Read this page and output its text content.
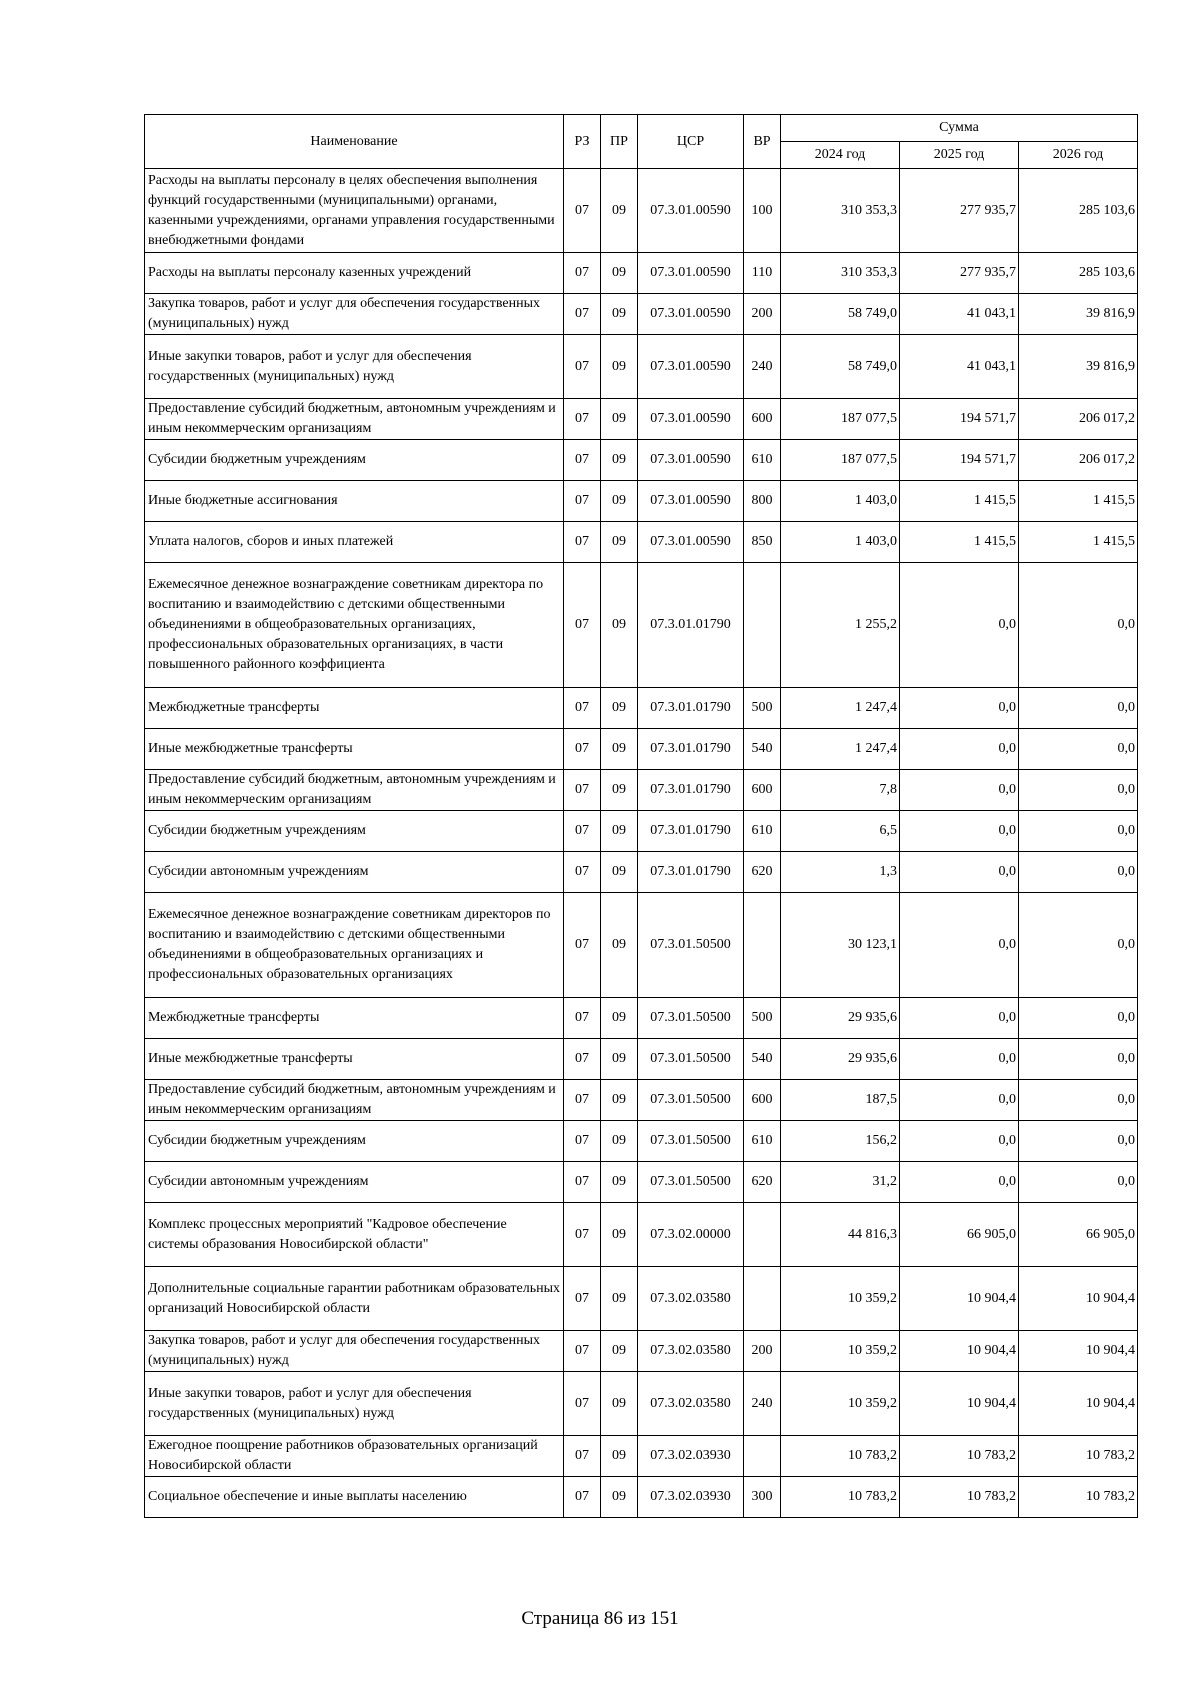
Наименование	РЗ	ПР	ЦСР	ВР	Сумма		
					2024 год	2025 год	2026 год
Расходы на выплаты персоналу в целях обеспечения выполнения функций государственными (муниципальными) органами, казенными учреждениями, органами управления государственными внебюджетными фондами	07	09	07.3.01.00590	100	310 353,3	277 935,7	285 103,6
Расходы на выплаты персоналу казенных учреждений	07	09	07.3.01.00590	110	310 353,3	277 935,7	285 103,6
Закупка товаров, работ и услуг для обеспечения государственных (муниципальных) нужд	07	09	07.3.01.00590	200	58 749,0	41 043,1	39 816,9
Иные закупки товаров, работ и услуг для обеспечения государственных (муниципальных) нужд	07	09	07.3.01.00590	240	58 749,0	41 043,1	39 816,9
Предоставление субсидий бюджетным, автономным учреждениям и иным некоммерческим организациям	07	09	07.3.01.00590	600	187 077,5	194 571,7	206 017,2
Субсидии бюджетным учреждениям	07	09	07.3.01.00590	610	187 077,5	194 571,7	206 017,2
Иные бюджетные ассигнования	07	09	07.3.01.00590	800	1 403,0	1 415,5	1 415,5
Уплата налогов, сборов и иных платежей	07	09	07.3.01.00590	850	1 403,0	1 415,5	1 415,5
Ежемесячное денежное вознаграждение советникам директора по воспитанию и взаимодействию с детскими общественными объединениями в общеобразовательных организациях, профессиональных образовательных организациях, в части повышенного районного коэффициента	07	09	07.3.01.01790		1 255,2	0,0	0,0
Межбюджетные трансферты	07	09	07.3.01.01790	500	1 247,4	0,0	0,0
Иные межбюджетные трансферты	07	09	07.3.01.01790	540	1 247,4	0,0	0,0
Предоставление субсидий бюджетным, автономным учреждениям и иным некоммерческим организациям	07	09	07.3.01.01790	600	7,8	0,0	0,0
Субсидии бюджетным учреждениям	07	09	07.3.01.01790	610	6,5	0,0	0,0
Субсидии автономным учреждениям	07	09	07.3.01.01790	620	1,3	0,0	0,0
Ежемесячное денежное вознаграждение советникам директоров по воспитанию и взаимодействию с детскими общественными объединениями в общеобразовательных организациях и профессиональных образовательных организациях	07	09	07.3.01.50500		30 123,1	0,0	0,0
Межбюджетные трансферты	07	09	07.3.01.50500	500	29 935,6	0,0	0,0
Иные межбюджетные трансферты	07	09	07.3.01.50500	540	29 935,6	0,0	0,0
Предоставление субсидий бюджетным, автономным учреждениям и иным некоммерческим организациям	07	09	07.3.01.50500	600	187,5	0,0	0,0
Субсидии бюджетным учреждениям	07	09	07.3.01.50500	610	156,2	0,0	0,0
Субсидии автономным учреждениям	07	09	07.3.01.50500	620	31,2	0,0	0,0
Комплекс процессных мероприятий "Кадровое обеспечение системы образования Новосибирской области"	07	09	07.3.02.00000		44 816,3	66 905,0	66 905,0
Дополнительные социальные гарантии работникам образовательных организаций Новосибирской области	07	09	07.3.02.03580		10 359,2	10 904,4	10 904,4
Закупка товаров, работ и услуг для обеспечения государственных (муниципальных) нужд	07	09	07.3.02.03580	200	10 359,2	10 904,4	10 904,4
Иные закупки товаров, работ и услуг для обеспечения государственных (муниципальных) нужд	07	09	07.3.02.03580	240	10 359,2	10 904,4	10 904,4
Ежегодное поощрение работников образовательных организаций Новосибирской области	07	09	07.3.02.03930		10 783,2	10 783,2	10 783,2
Социальное обеспечение и иные выплаты населению	07	09	07.3.02.03930	300	10 783,2	10 783,2	10 783,2
Страница 86 из 151
